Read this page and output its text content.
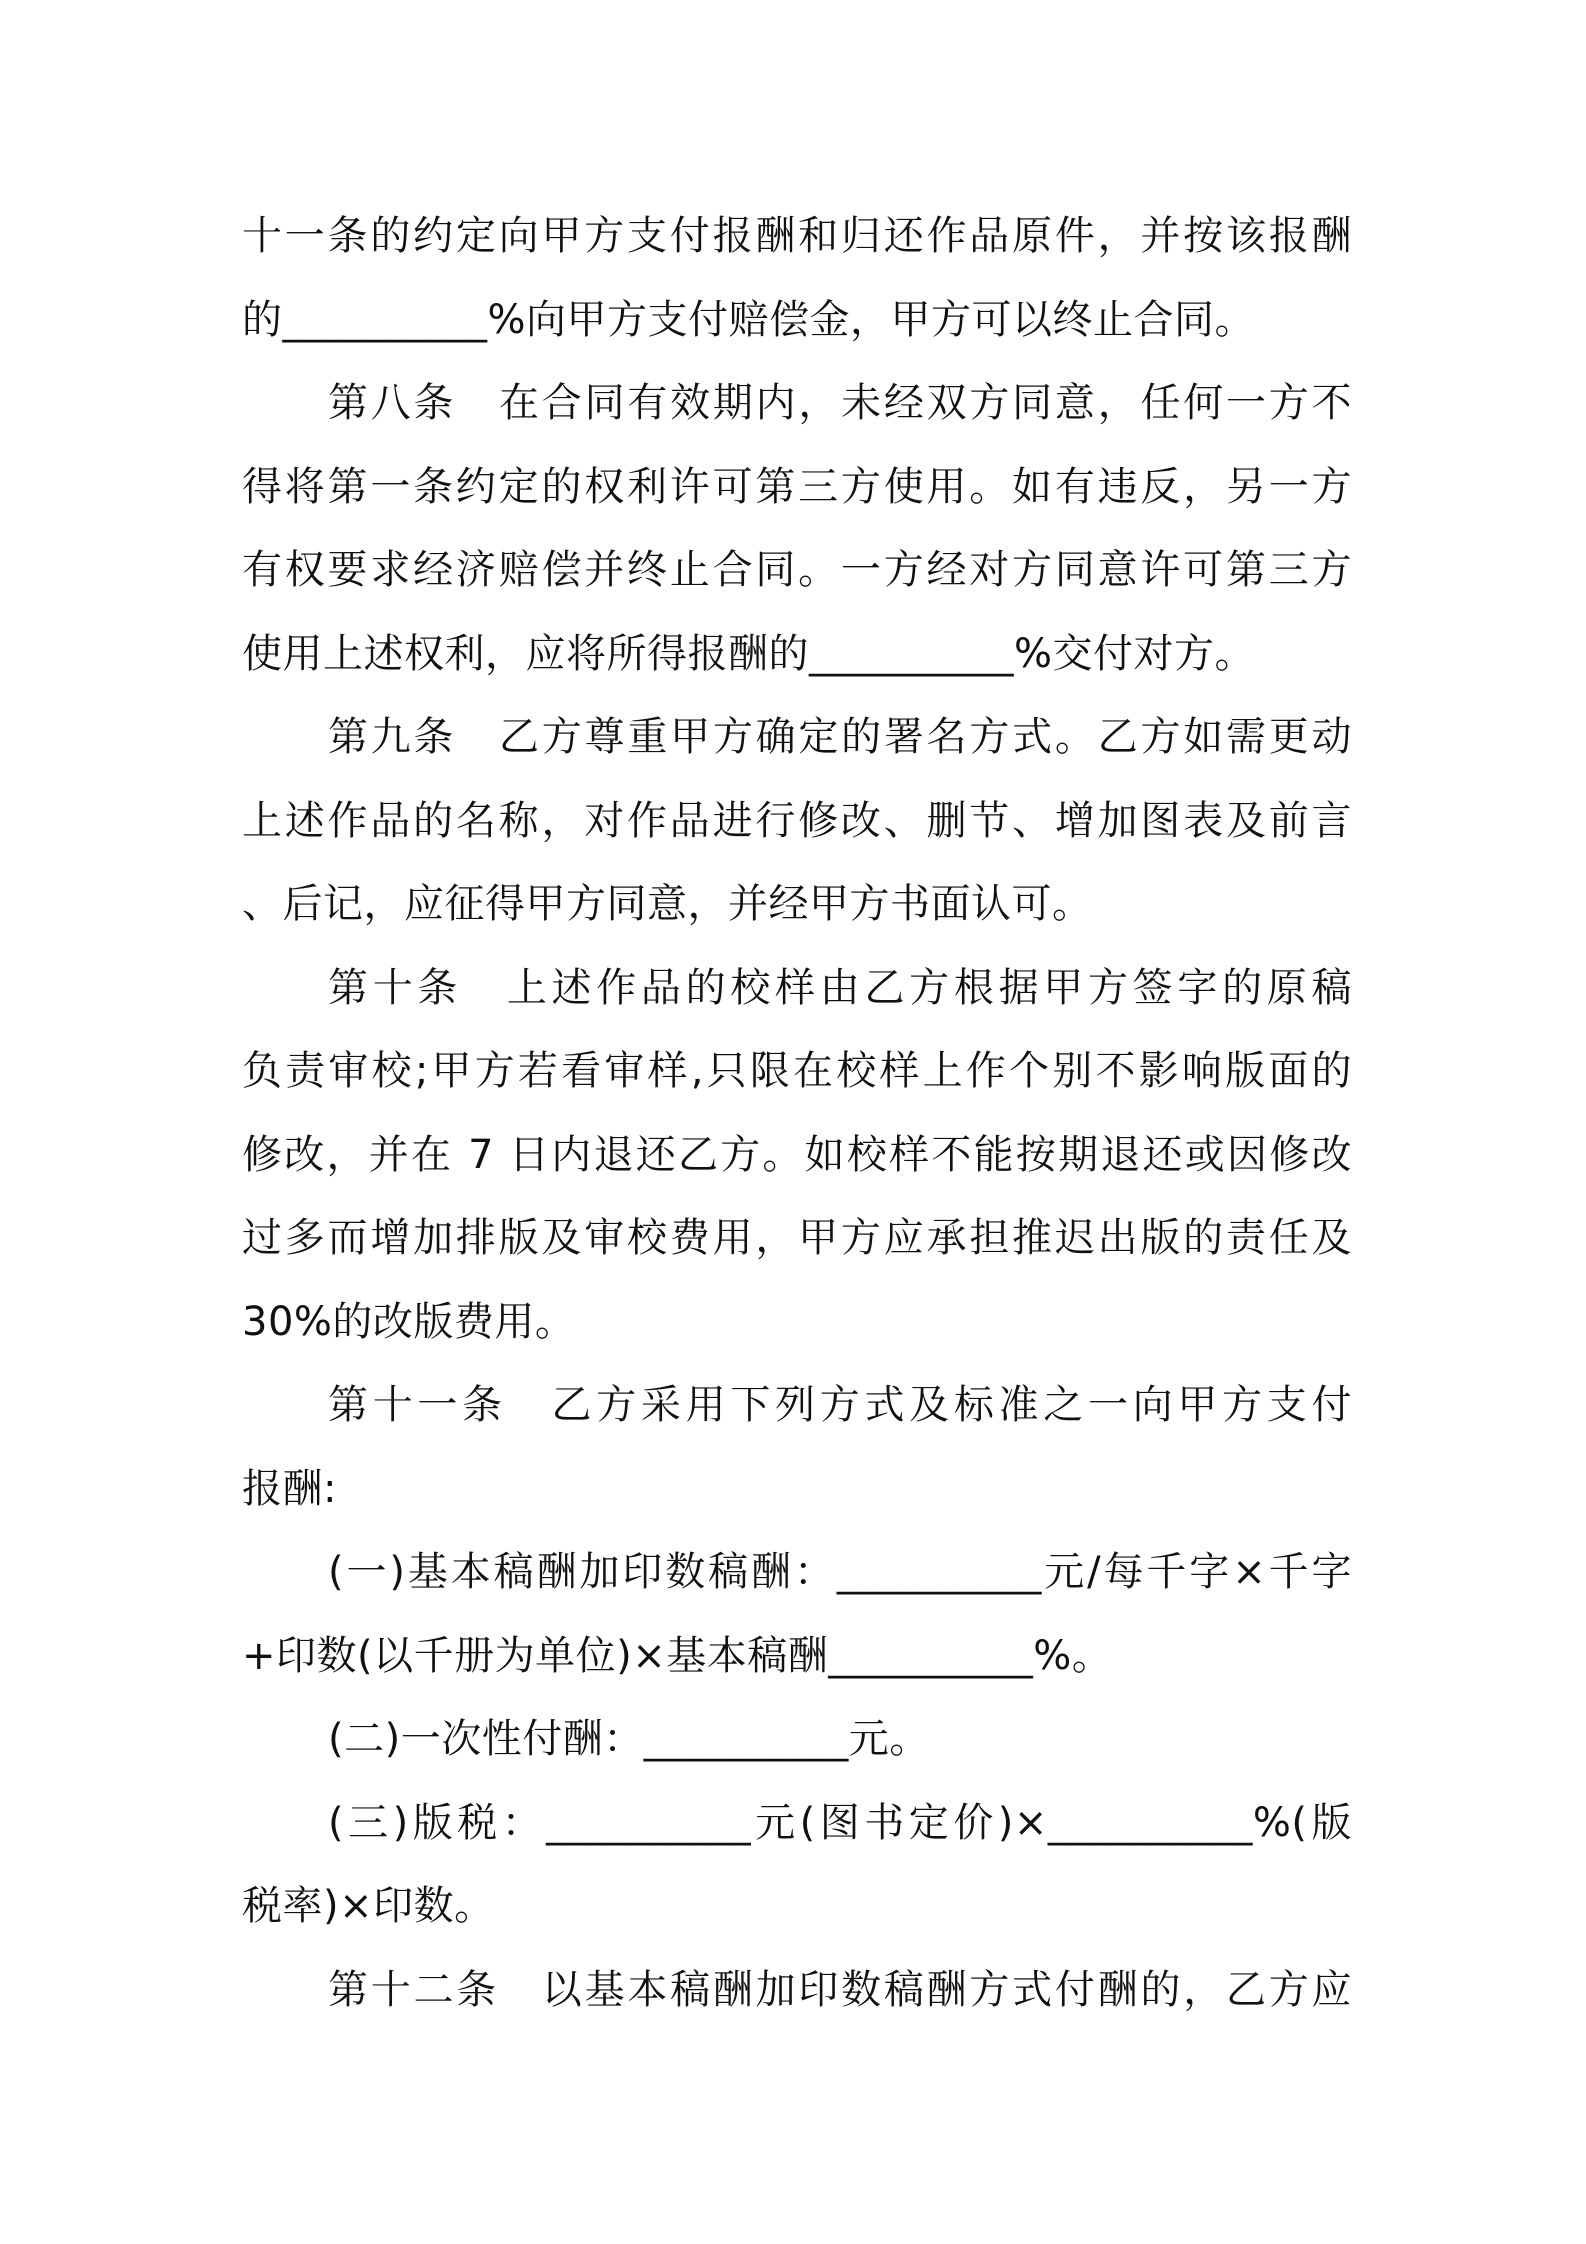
十一条的约定向甲方支付报酬和归还作品原件，并按该报酬
的__________%向甲方支付赔偿金，甲方可以终止合同。
第八条　在合同有效期内，未经双方同意，任何一方不
得将第一条约定的权利许可第三方使用。如有违反，另一方
有权要求经济赔偿并终止合同。一方经对方同意许可第三方
使用上述权利，应将所得报酬的__________%交付对方。
第九条　乙方尊重甲方确定的署名方式。乙方如需更动
上述作品的名称，对作品进行修改、删节、增加图表及前言
、后记，应征得甲方同意，并经甲方书面认可。
第十条　上述作品的校样由乙方根据甲方签字的原稿
负责审校;甲方若看审样,只限在校样上作个别不影响版面的
修改，并在 7 日内退还乙方。如校样不能按期退还或因修改
过多而增加排版及审校费用，甲方应承担推迟出版的责任及
30%的改版费用。
第十一条　乙方采用下列方式及标准之一向甲方支付
报酬:
(一)基本稿酬加印数稿酬：__________元/每千字×千字
+印数(以千册为单位)×基本稿酬__________%。
(二)一次性付酬：__________元。
(三)版税：__________元(图书定价)×__________%(版
税率)×印数。
第十二条　以基本稿酬加印数稿酬方式付酬的，乙方应
